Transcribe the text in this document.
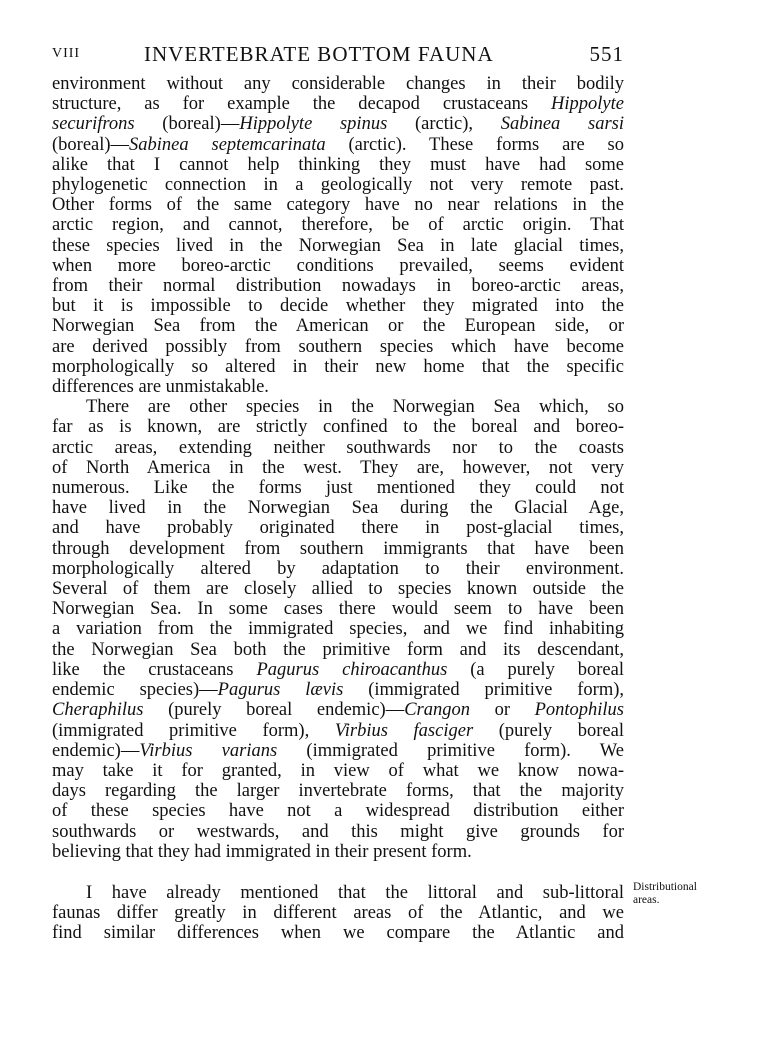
VIII	INVERTEBRATE BOTTOM FAUNA	551
environment without any considerable changes in their bodily
structure, as for example the decapod crustaceans Hippolyte
securifrons (boreal)—Hippolyte spinus (arctic), Sabinea sarsi
(boreal)—Sabinea septemcarinata (arctic). These forms are so
alike that I cannot help thinking they must have had some
phylogenetic connection in a geologically not very remote past.
Other forms of the same category have no near relations in the
arctic region, and cannot, therefore, be of arctic origin. That
these species lived in the Norwegian Sea in late glacial times,
when more boreo-arctic conditions prevailed, seems evident
from their normal distribution nowadays in boreo-arctic areas,
but it is impossible to decide whether they migrated into the
Norwegian Sea from the American or the European side, or
are derived possibly from southern species which have become
morphologically so altered in their new home that the specific
differences are unmistakable.
There are other species in the Norwegian Sea which, so
far as is known, are strictly confined to the boreal and boreo-
arctic areas, extending neither southwards nor to the coasts
of North America in the west. They are, however, not very
numerous. Like the forms just mentioned they could not
have lived in the Norwegian Sea during the Glacial Age,
and have probably originated there in post-glacial times,
through development from southern immigrants that have been
morphologically altered by adaptation to their environment.
Several of them are closely allied to species known outside the
Norwegian Sea. In some cases there would seem to have been
a variation from the immigrated species, and we find inhabiting
the Norwegian Sea both the primitive form and its descendant,
like the crustaceans Pagurus chiroacanthus (a purely boreal
endemic species)—Pagurus lævis (immigrated primitive form),
Cheraphilus (purely boreal endemic)—Crangon or Pontophilus
(immigrated primitive form), Virbius fasciger (purely boreal
endemic)—Virbius varians (immigrated primitive form). We
may take it for granted, in view of what we know nowa-
days regarding the larger invertebrate forms, that the majority
of these species have not a widespread distribution either
southwards or westwards, and this might give grounds for
believing that they had immigrated in their present form.
I have already mentioned that the littoral and sub-littoral
faunas differ greatly in different areas of the Atlantic, and we
find similar differences when we compare the Atlantic and
Distributional
areas.
